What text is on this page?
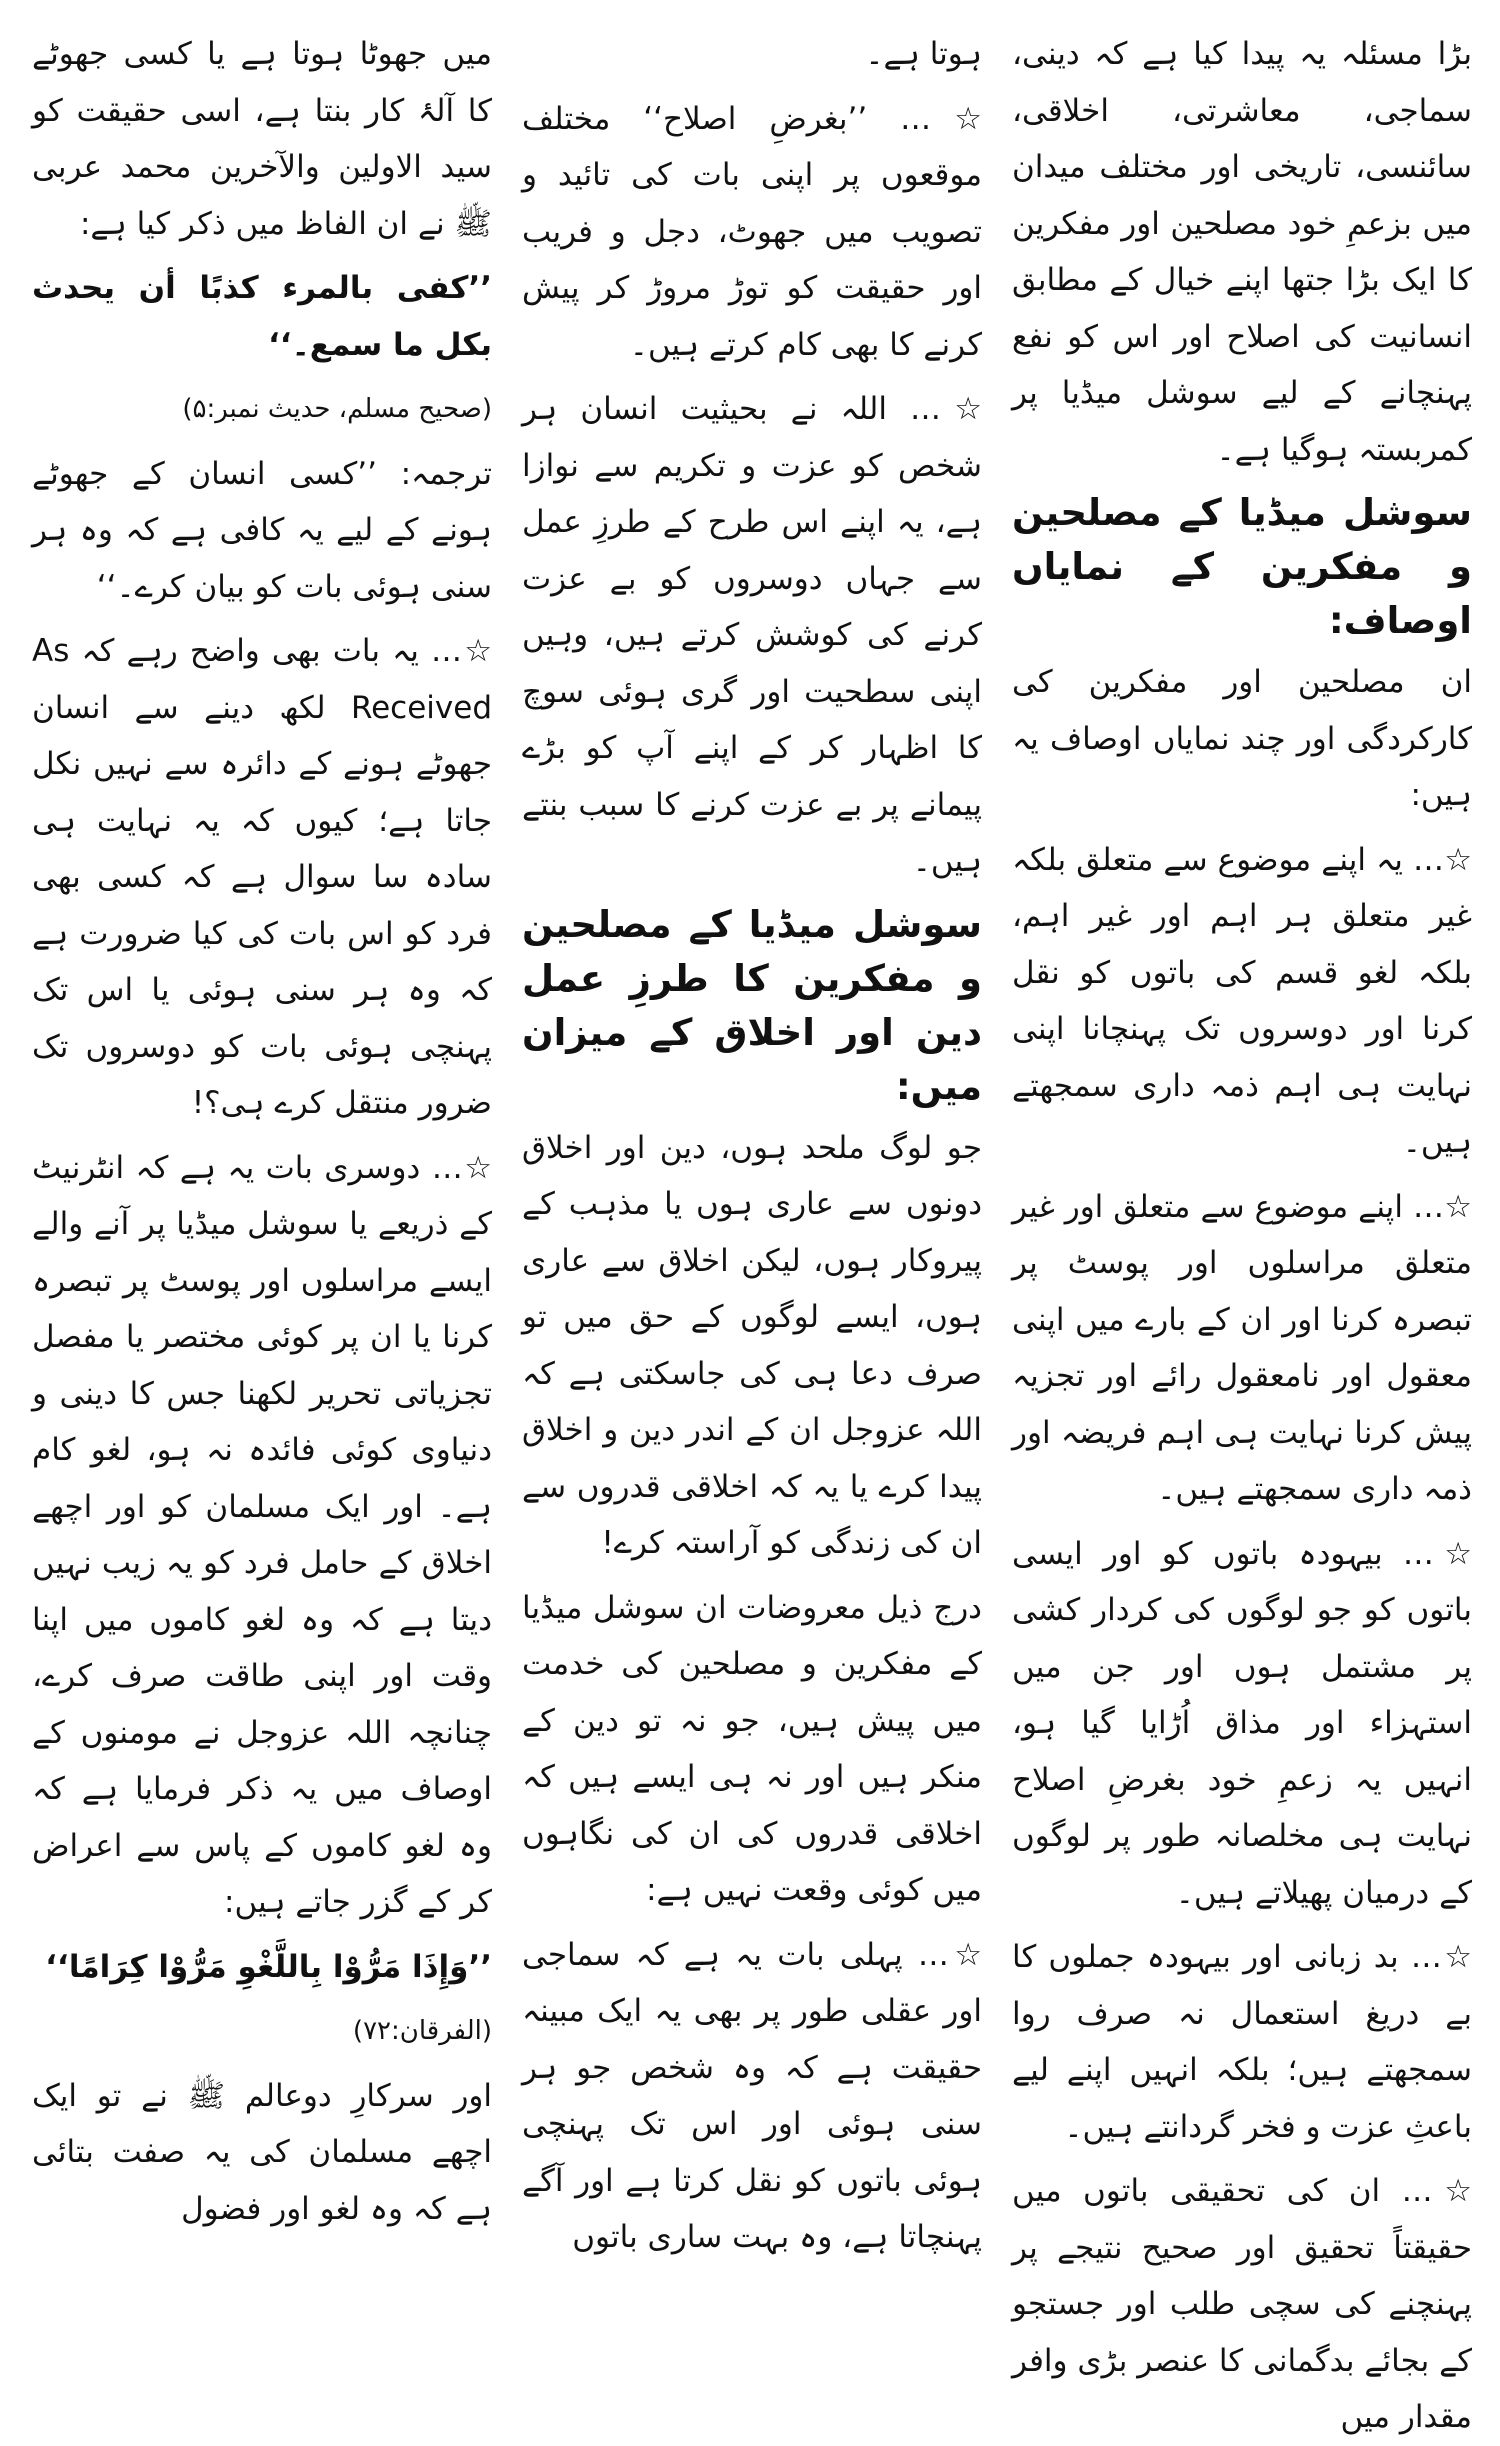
بڑا مسئلہ یہ پیدا کیا ہے کہ دینی، سماجی، معاشرتی، اخلاقی، سائنسی، تاریخی اور مختلف میدان میں بزعمِ خود مصلحین اور مفکرین کا ایک بڑا جتھا اپنے خیال کے مطابق انسانیت کی اصلاح اور اس کو نفع پہنچانے کے لیے سوشل میڈیا پر کمربستہ ہوگیا ہے۔

سوشل میڈیا کے مصلحین و مفکرین کے نمایاں اوصاف:

ان مصلحین اور مفکرین کی کارکردگی اور چند نمایاں اوصاف یہ ہیں:

☆… یہ اپنے موضوع سے متعلق بلکہ غیر متعلق ہر اہم اور غیر اہم، بلکہ لغو قسم کی باتوں کو نقل کرنا اور دوسروں تک پہنچانا اپنی نہایت ہی اہم ذمہ داری سمجھتے ہیں۔

☆… اپنے موضوع سے متعلق اور غیر متعلق مراسلوں اور پوسٹ پر تبصرہ کرنا اور ان کے بارے میں اپنی معقول اور نامعقول رائے اور تجزیہ پیش کرنا نہایت ہی اہم فریضہ اور ذمہ داری سمجھتے ہیں۔

☆… بیہودہ باتوں کو اور ایسی باتوں کو جو لوگوں کی کردار کشی پر مشتمل ہوں اور جن میں استہزاء اور مذاق اُڑایا گیا ہو، انہیں یہ زعمِ خود بغرضِ اصلاح نہایت ہی مخلصانہ طور پر لوگوں کے درمیان پھیلاتے ہیں۔

☆… بد زبانی اور بیہودہ جملوں کا بے دریغ استعمال نہ صرف روا سمجھتے ہیں؛ بلکہ انہیں اپنے لیے باعثِ عزت و فخر گردانتے ہیں۔

☆… ان کی تحقیقی باتوں میں حقیقتاً تحقیق اور صحیح نتیجے پر پہنچنے کی سچی طلب اور جستجو کے بجائے بدگمانی کا عنصر بڑی وافر مقدار میں

ہوتا ہے۔

☆… ’’بغرضِ اصلاح‘‘ مختلف موقعوں پر اپنی بات کی تائید و تصویب میں جھوٹ، دجل و فریب اور حقیقت کو توڑ مروڑ کر پیش کرنے کا بھی کام کرتے ہیں۔

☆… اللہ نے بحیثیت انسان ہر شخص کو عزت و تکریم سے نوازا ہے، یہ اپنے اس طرح کے طرزِ عمل سے جہاں دوسروں کو بے عزت کرنے کی کوشش کرتے ہیں، وہیں اپنی سطحیت اور گری ہوئی سوچ کا اظہار کر کے اپنے آپ کو بڑے پیمانے پر بے عزت کرنے کا سبب بنتے ہیں۔

سوشل میڈیا کے مصلحین و مفکرین کا طرزِ عمل دین اور اخلاق کے میزان میں:

جو لوگ ملحد ہوں، دین اور اخلاق دونوں سے عاری ہوں یا مذہب کے پیروکار ہوں، لیکن اخلاق سے عاری ہوں، ایسے لوگوں کے حق میں تو صرف دعا ہی کی جاسکتی ہے کہ اللہ عزوجل ان کے اندر دین و اخلاق پیدا کرے یا یہ کہ اخلاقی قدروں سے ان کی زندگی کو آراستہ کرے!

درج ذیل معروضات ان سوشل میڈیا کے مفکرین و مصلحین کی خدمت میں پیش ہیں، جو نہ تو دین کے منکر ہیں اور نہ ہی ایسے ہیں کہ اخلاقی قدروں کی ان کی نگاہوں میں کوئی وقعت نہیں ہے:

☆… پہلی بات یہ ہے کہ سماجی اور عقلی طور پر بھی یہ ایک مبینہ حقیقت ہے کہ وہ شخص جو ہر سنی ہوئی اور اس تک پہنچی ہوئی باتوں کو نقل کرتا ہے اور آگے پہنچاتا ہے، وہ بہت ساری باتوں

میں جھوٹا ہوتا ہے یا کسی جھوٹے کا آلۂ کار بنتا ہے، اسی حقیقت کو سید الاولین والآخرین محمد عربی ﷺ نے ان الفاظ میں ذکر کیا ہے:

’’کفی بالمرء کذبًا أن یحدث بکل ما سمع۔‘‘

(صحیح مسلم، حدیث نمبر:۵)

ترجمہ: ’’کسی انسان کے جھوٹے ہونے کے لیے یہ کافی ہے کہ وہ ہر سنی ہوئی بات کو بیان کرے۔‘‘

☆… یہ بات بھی واضح رہے کہ As Received لکھ دینے سے انسان جھوٹے ہونے کے دائرہ سے نہیں نکل جاتا ہے؛ کیوں کہ یہ نہایت ہی سادہ سا سوال ہے کہ کسی بھی فرد کو اس بات کی کیا ضرورت ہے کہ وہ ہر سنی ہوئی یا اس تک پہنچی ہوئی بات کو دوسروں تک ضرور منتقل کرے ہی؟!

☆… دوسری بات یہ ہے کہ انٹرنیٹ کے ذریعے یا سوشل میڈیا پر آنے والے ایسے مراسلوں اور پوسٹ پر تبصرہ کرنا یا ان پر کوئی مختصر یا مفصل تجزیاتی تحریر لکھنا جس کا دینی و دنیاوی کوئی فائدہ نہ ہو، لغو کام ہے۔ اور ایک مسلمان کو اور اچھے اخلاق کے حامل فرد کو یہ زیب نہیں دیتا ہے کہ وہ لغو کاموں میں اپنا وقت اور اپنی طاقت صرف کرے، چنانچہ اللہ عزوجل نے مومنوں کے اوصاف میں یہ ذکر فرمایا ہے کہ وہ لغو کاموں کے پاس سے اعراض کر کے گزر جاتے ہیں:

’’وَإِذَا مَرُّوْا بِاللَّغْوِ مَرُّوْا كِرَامًا‘‘

(الفرقان:۷۲)

اور سرکارِ دوعالم ﷺ نے تو ایک اچھے مسلمان کی یہ صفت بتائی ہے کہ وہ لغو اور فضول
